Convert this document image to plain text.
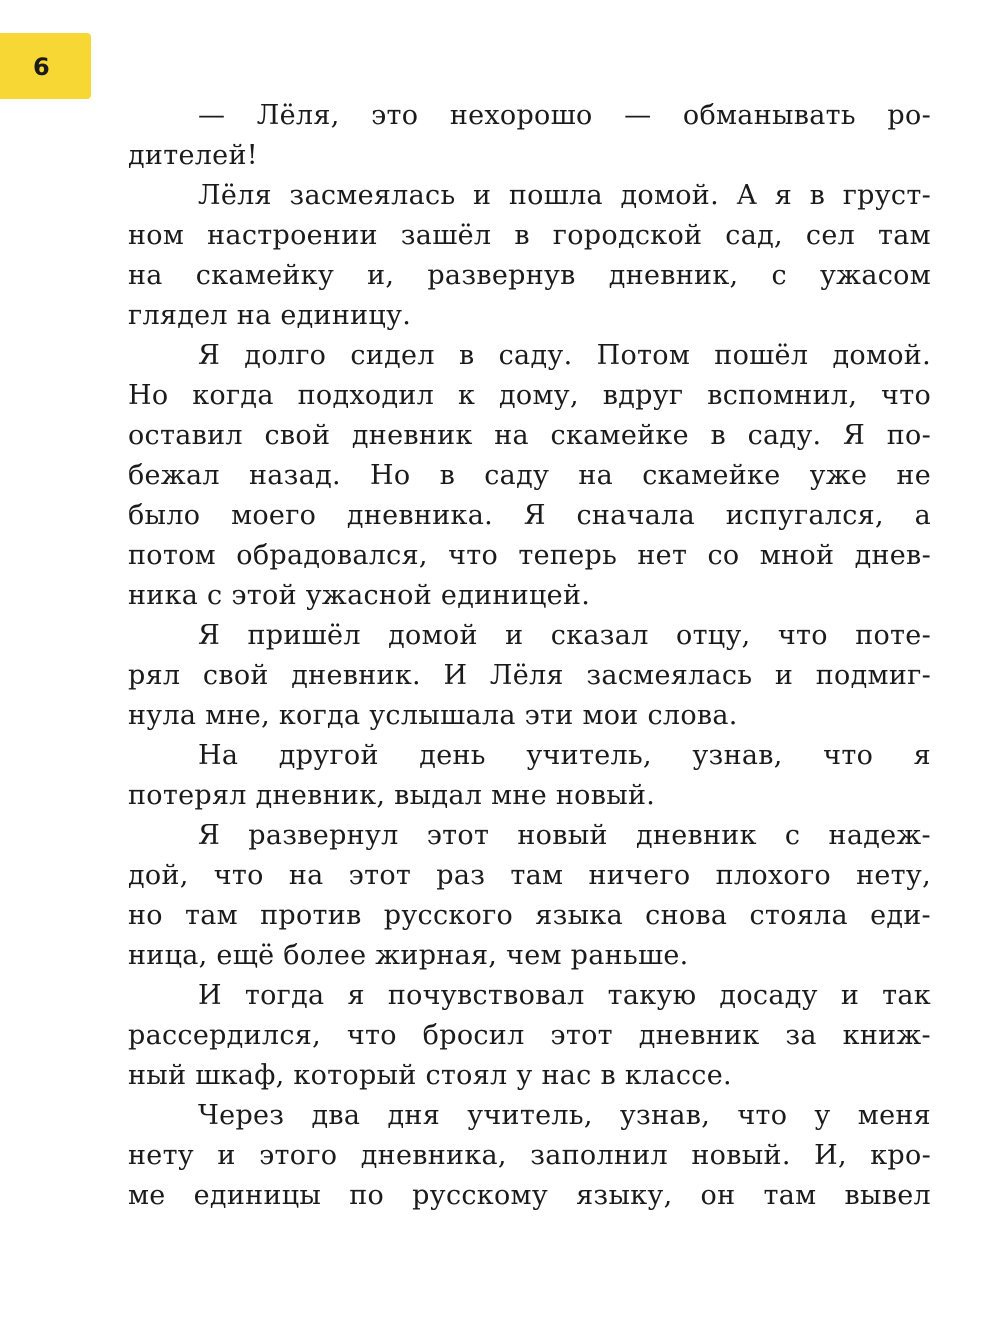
6
— Лёля, это нехорошо — обманывать ро-
дителей!
Лёля засмеялась и пошла домой. А я в груст-
ном настроении зашёл в городской сад, сел там
на скамейку и, развернув дневник, с ужасом
глядел на единицу.
Я долго сидел в саду. Потом пошёл домой.
Но когда подходил к дому, вдруг вспомнил, что
оставил свой дневник на скамейке в саду. Я по-
бежал назад. Но в саду на скамейке уже не
было моего дневника. Я сначала испугался, а
потом обрадовался, что теперь нет со мной днев-
ника с этой ужасной единицей.
Я пришёл домой и сказал отцу, что поте-
рял свой дневник. И Лёля засмеялась и подмиг-
нула мне, когда услышала эти мои слова.
На другой день учитель, узнав, что я
потерял дневник, выдал мне новый.
Я развернул этот новый дневник с надеж-
дой, что на этот раз там ничего плохого нету,
но там против русского языка снова стояла еди-
ница, ещё более жирная, чем раньше.
И тогда я почувствовал такую досаду и так
рассердился, что бросил этот дневник за книж-
ный шкаф, который стоял у нас в классе.
Через два дня учитель, узнав, что у меня
нету и этого дневника, заполнил новый. И, кро-
ме единицы по русскому языку, он там вывел
